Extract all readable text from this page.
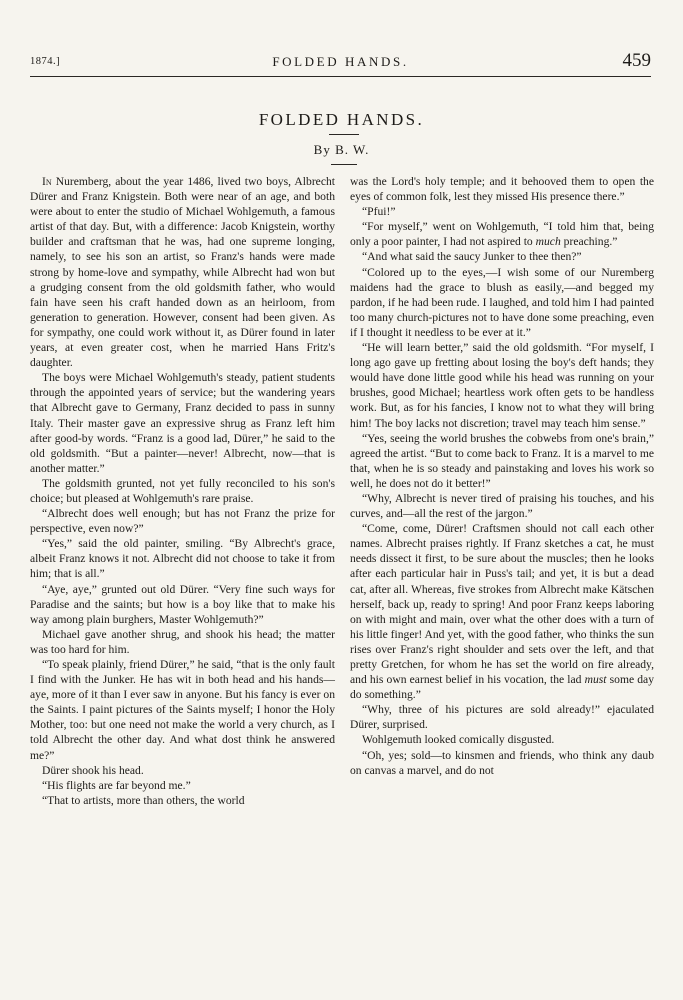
1874.]	FOLDED HANDS.	459
FOLDED HANDS.
By B. W.

In Nuremberg, about the year 1486, lived two boys, Albrecht Dürer and Franz Knigstein. Both were near of an age, and both were about to enter the studio of Michael Wohlgemuth, a famous artist of that day. But, with a difference: Jacob Knigstein, worthy builder and craftsman that he was, had one supreme longing, namely, to see his son an artist, so Franz's hands were made strong by home-love and sympathy, while Albrecht had won but a grudging consent from the old goldsmith father, who would fain have seen his craft handed down as an heirloom, from generation to generation. However, consent had been given. As for sympathy, one could work without it, as Dürer found in later years, at even greater cost, when he married Hans Fritz's daughter.

The boys were Michael Wohlgemuth's steady, patient students through the appointed years of service; but the wandering years that Albrecht gave to Germany, Franz decided to pass in sunny Italy. Their master gave an expressive shrug as Franz left him after good-by words. “Franz is a good lad, Dürer,” he said to the old goldsmith. “But a painter—never! Albrecht, now—that is another matter.”

The goldsmith grunted, not yet fully reconciled to his son's choice; but pleased at Wohlgemuth's rare praise.

“Albrecht does well enough; but has not Franz the prize for perspective, even now?”

“Yes,” said the old painter, smiling. “By Albrecht's grace, albeit Franz knows it not. Albrecht did not choose to take it from him; that is all.”

“Aye, aye,” grunted out old Dürer. “Very fine such ways for Paradise and the saints; but how is a boy like that to make his way among plain burghers, Master Wohlgemuth?”

Michael gave another shrug, and shook his head; the matter was too hard for him.

“To speak plainly, friend Dürer,” he said, “that is the only fault I find with the Junker. He has wit in both head and his hands—aye, more of it than I ever saw in anyone. But his fancy is ever on the Saints. I paint pictures of the Saints myself; I honor the Holy Mother, too: but one need not make the world a very church, as I told Albrecht the other day. And what dost think he answered me?”

Dürer shook his head.

“His flights are far beyond me.”

“That to artists, more than others, the world

was the Lord's holy temple; and it behooved them to open the eyes of common folk, lest they missed His presence there.”

“Pfui!”

“For myself,” went on Wohlgemuth, “I told him that, being only a poor painter, I had not aspired to much preaching.”

“And what said the saucy Junker to thee then?”

“Colored up to the eyes,—I wish some of our Nuremberg maidens had the grace to blush as easily,—and begged my pardon, if he had been rude. I laughed, and told him I had painted too many church-pictures not to have done some preaching, even if I thought it needless to be ever at it.”

“He will learn better,” said the old goldsmith. “For myself, I long ago gave up fretting about losing the boy's deft hands; they would have done little good while his head was running on your brushes, good Michael; heartless work often gets to be handless work. But, as for his fancies, I know not to what they will bring him! The boy lacks not discretion; travel may teach him sense.”

“Yes, seeing the world brushes the cobwebs from one's brain,” agreed the artist. “But to come back to Franz. It is a marvel to me that, when he is so steady and painstaking and loves his work so well, he does not do it better!”

“Why, Albrecht is never tired of praising his touches, and his curves, and—all the rest of the jargon.”

“Come, come, Dürer! Craftsmen should not call each other names. Albrecht praises rightly. If Franz sketches a cat, he must needs dissect it first, to be sure about the muscles; then he looks after each particular hair in Puss's tail; and yet, it is but a dead cat, after all. Whereas, five strokes from Albrecht make Kätschen herself, back up, ready to spring! And poor Franz keeps laboring on with might and main, over what the other does with a turn of his little finger! And yet, with the good father, who thinks the sun rises over Franz's right shoulder and sets over the left, and that pretty Gretchen, for whom he has set the world on fire already, and his own earnest belief in his vocation, the lad must some day do something.”

“Why, three of his pictures are sold already!” ejaculated Dürer, surprised.

Wohlgemuth looked comically disgusted.

“Oh, yes; sold—to kinsmen and friends, who think any daub on canvas a marvel, and do not
